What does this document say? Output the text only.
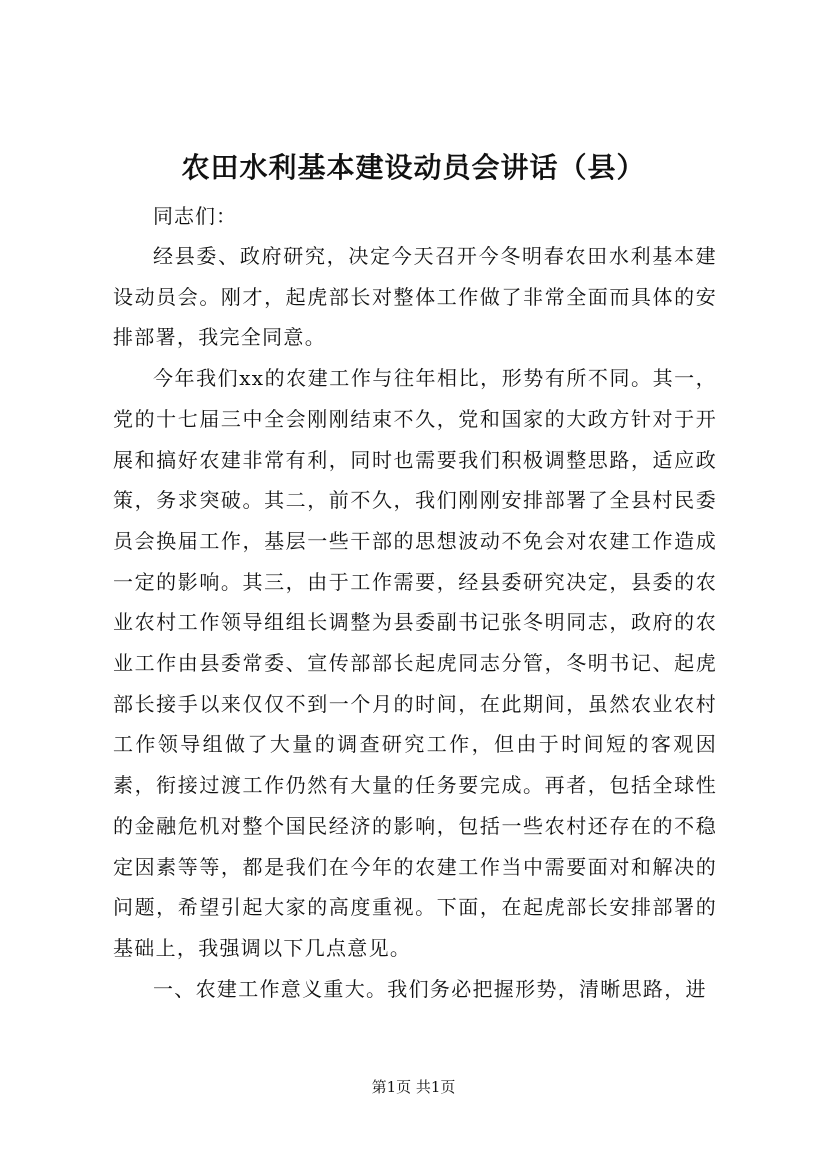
农田水利基本建设动员会讲话（县）

同志们：

经县委、政府研究，决定今天召开今冬明春农田水利基本建设动员会。刚才，起虎部长对整体工作做了非常全面而具体的安排部署，我完全同意。

今年我们xx的农建工作与往年相比，形势有所不同。其一，党的十七届三中全会刚刚结束不久，党和国家的大政方针对于开展和搞好农建非常有利，同时也需要我们积极调整思路，适应政策，务求突破。其二，前不久，我们刚刚安排部署了全县村民委员会换届工作，基层一些干部的思想波动不免会对农建工作造成一定的影响。其三，由于工作需要，经县委研究决定，县委的农业农村工作领导组组长调整为县委副书记张冬明同志，政府的农业工作由县委常委、宣传部部长起虎同志分管，冬明书记、起虎部长接手以来仅仅不到一个月的时间，在此期间，虽然农业农村工作领导组做了大量的调查研究工作，但由于时间短的客观因素，衔接过渡工作仍然有大量的任务要完成。再者，包括全球性的金融危机对整个国民经济的影响，包括一些农村还存在的不稳定因素等等，都是我们在今年的农建工作当中需要面对和解决的问题，希望引起大家的高度重视。下面，在起虎部长安排部署的基础上，我强调以下几点意见。

一、农建工作意义重大。我们务必把握形势，清晰思路，进

第1页 共1页
